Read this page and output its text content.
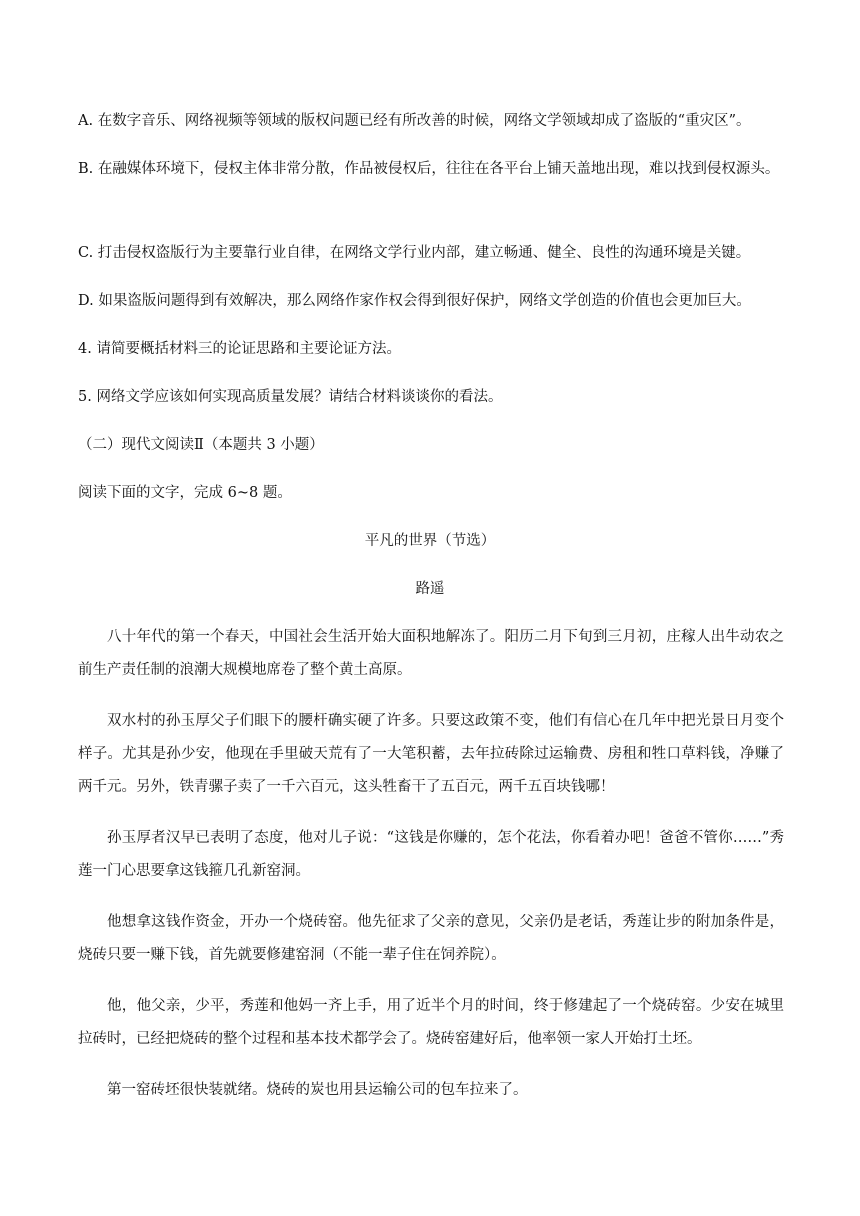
A. 在数字音乐、网络视频等领域的版权问题已经有所改善的时候，网络文学领域却成了盗版的“重灾区”。
B. 在融媒体环境下，侵权主体非常分散，作品被侵权后，往往在各平台上铺天盖地出现，难以找到侵权源头。
C. 打击侵权盗版行为主要靠行业自律，在网络文学行业内部，建立畅通、健全、良性的沟通环境是关键。
D. 如果盗版问题得到有效解决，那么网络作家作权会得到很好保护，网络文学创造的价值也会更加巨大。
4. 请简要概括材料三的论证思路和主要论证方法。
5. 网络文学应该如何实现高质量发展？请结合材料谈谈你的看法。
（二）现代文阅读Ⅱ（本题共 3 小题）
阅读下面的文字，完成 6~8 题。
平凡的世界（节选）
路遥
八十年代的第一个春天，中国社会生活开始大面积地解冻了。阳历二月下旬到三月初，庄稼人出牛动农之前生产责任制的浪潮大规模地席卷了整个黄土高原。
双水村的孙玉厚父子们眼下的腰杆确实硬了许多。只要这政策不变，他们有信心在几年中把光景日月变个样子。尤其是孙少安，他现在手里破天荒有了一大笔积蓄，去年拉砖除过运输费、房租和牲口草料钱，净赚了两千元。另外，铁青骡子卖了一千六百元，这头牲畜干了五百元，两千五百块钱哪！
孙玉厚者汉早已表明了态度，他对儿子说：“这钱是你赚的，怎个花法，你看着办吧！爸爸不管你……”秀莲一门心思要拿这钱箍几孔新窑洞。
他想拿这钱作资金，开办一个烧砖窑。他先征求了父亲的意见，父亲仍是老话，秀莲让步的附加条件是，烧砖只要一赚下钱，首先就要修建窑洞（不能一辈子住在饲养院）。
他，他父亲，少平，秀莲和他妈一齐上手，用了近半个月的时间，终于修建起了一个烧砖窑。少安在城里拉砖时，已经把烧砖的整个过程和基本技术都学会了。烧砖窑建好后，他率领一家人开始打土坯。
第一窑砖坯很快装就绪。烧砖的炭也用县运输公司的包车拉来了。
